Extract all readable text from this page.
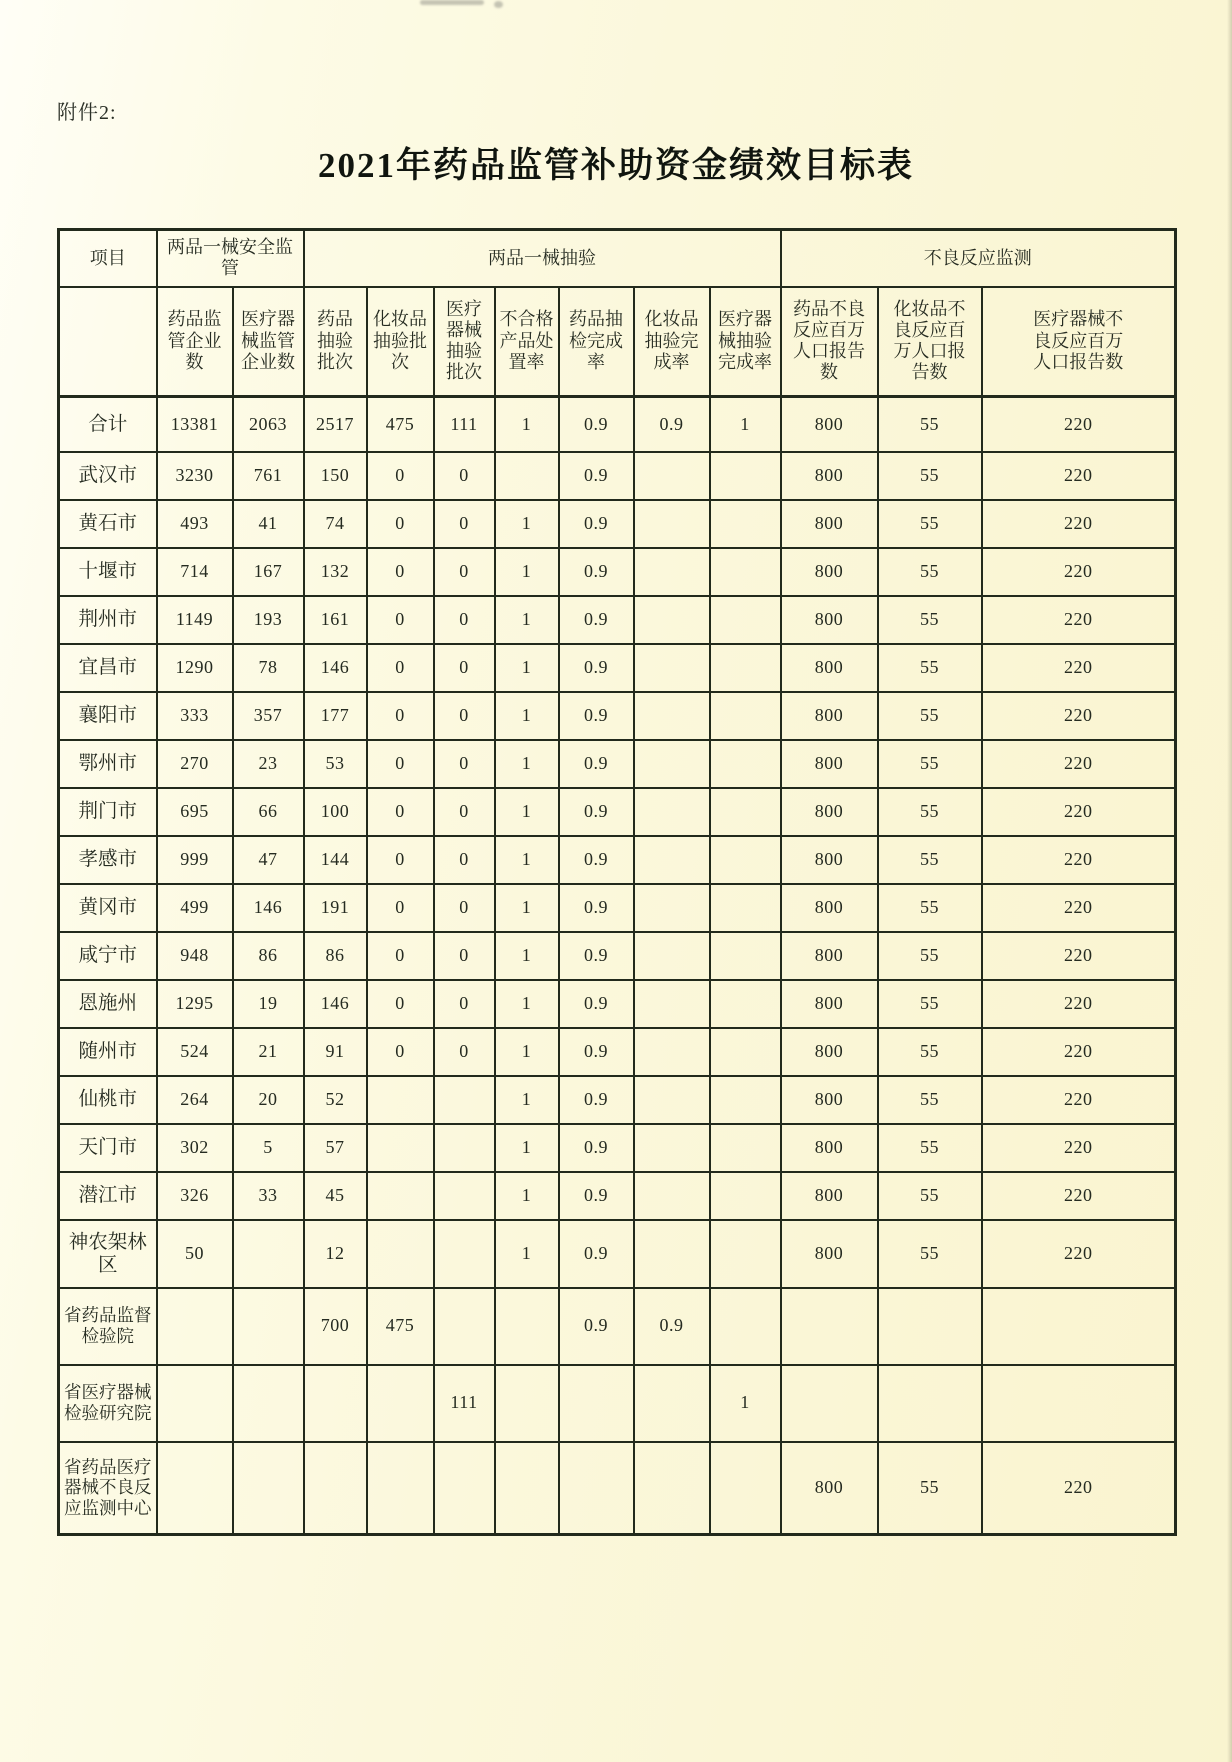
附件2:
2021年药品监管补助资金绩效目标表
项目	两品一械安全监管		两品一械抽验							不良反应监测		
	药品监管企业数	医疗器械监管企业数	药品抽验批次	化妆品抽验批次	医疗器械抽验批次	不合格产品处置率	药品抽检完成率	化妆品抽验完成率	医疗器械抽验完成率	药品不良反应百万人口报告数	化妆品不良反应百万人口报告数	医疗器械不良反应百万人口报告数
合计	13381	2063	2517	475	111	1	0.9	0.9	1	800	55	220
武汉市	3230	761	150	0	0		0.9			800	55	220
黄石市	493	41	74	0	0	1	0.9			800	55	220
十堰市	714	167	132	0	0	1	0.9			800	55	220
荆州市	1149	193	161	0	0	1	0.9			800	55	220
宜昌市	1290	78	146	0	0	1	0.9			800	55	220
襄阳市	333	357	177	0	0	1	0.9			800	55	220
鄂州市	270	23	53	0	0	1	0.9			800	55	220
荆门市	695	66	100	0	0	1	0.9			800	55	220
孝感市	999	47	144	0	0	1	0.9			800	55	220
黄冈市	499	146	191	0	0	1	0.9			800	55	220
咸宁市	948	86	86	0	0	1	0.9			800	55	220
恩施州	1295	19	146	0	0	1	0.9			800	55	220
随州市	524	21	91	0	0	1	0.9			800	55	220
仙桃市	264	20	52			1	0.9			800	55	220
天门市	302	5	57			1	0.9			800	55	220
潜江市	326	33	45			1	0.9			800	55	220
神农架林区	50		12			1	0.9			800	55	220
省药品监督检验院			700	475			0.9	0.9				
省医疗器械检验研究院					111				1			
省药品医疗器械不良反应监测中心										800	55	220
